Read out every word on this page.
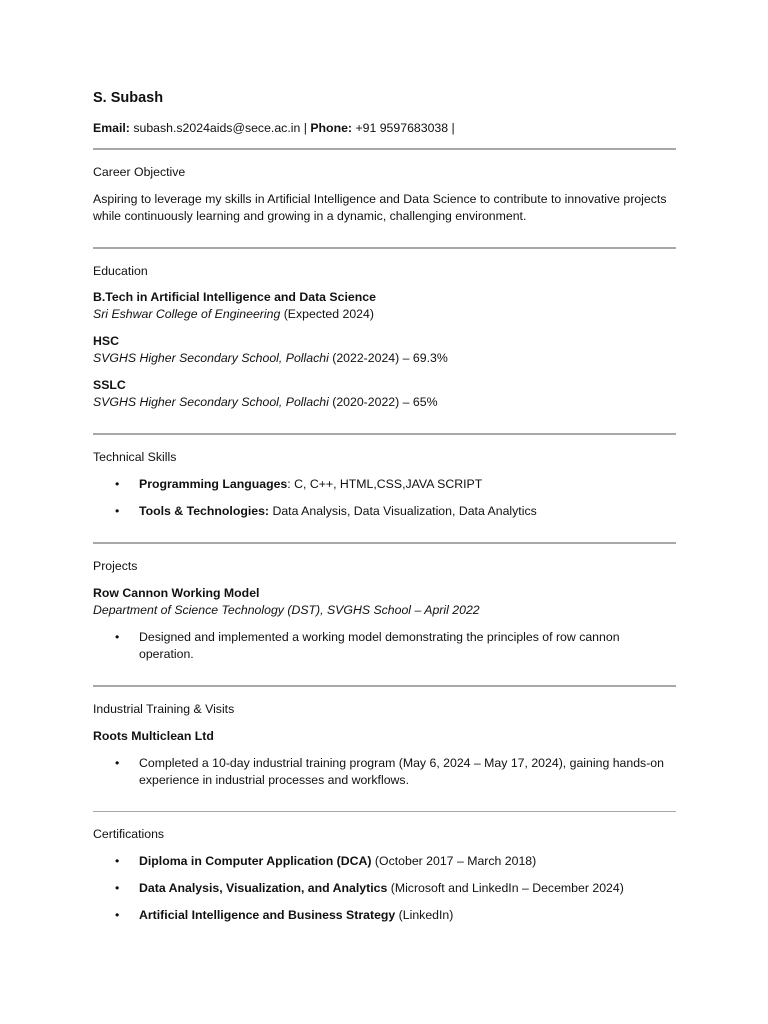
S. Subash
Email: subash.s2024aids@sece.ac.in | Phone: +91 9597683038 |
Career Objective
Aspiring to leverage my skills in Artificial Intelligence and Data Science to contribute to innovative projects while continuously learning and growing in a dynamic, challenging environment.
Education
B.Tech in Artificial Intelligence and Data Science
Sri Eshwar College of Engineering (Expected 2024)
HSC
SVGHS Higher Secondary School, Pollachi (2022-2024) – 69.3%
SSLC
SVGHS Higher Secondary School, Pollachi (2020-2022) – 65%
Technical Skills
• Programming Languages: C, C++, HTML,CSS,JAVA SCRIPT
• Tools & Technologies: Data Analysis, Data Visualization, Data Analytics
Projects
Row Cannon Working Model
Department of Science Technology (DST), SVGHS School – April 2022
• Designed and implemented a working model demonstrating the principles of row cannon operation.
Industrial Training & Visits
Roots Multiclean Ltd
• Completed a 10-day industrial training program (May 6, 2024 – May 17, 2024), gaining hands-on experience in industrial processes and workflows.
Certifications
• Diploma in Computer Application (DCA) (October 2017 – March 2018)
• Data Analysis, Visualization, and Analytics (Microsoft and LinkedIn – December 2024)
• Artificial Intelligence and Business Strategy (LinkedIn)
